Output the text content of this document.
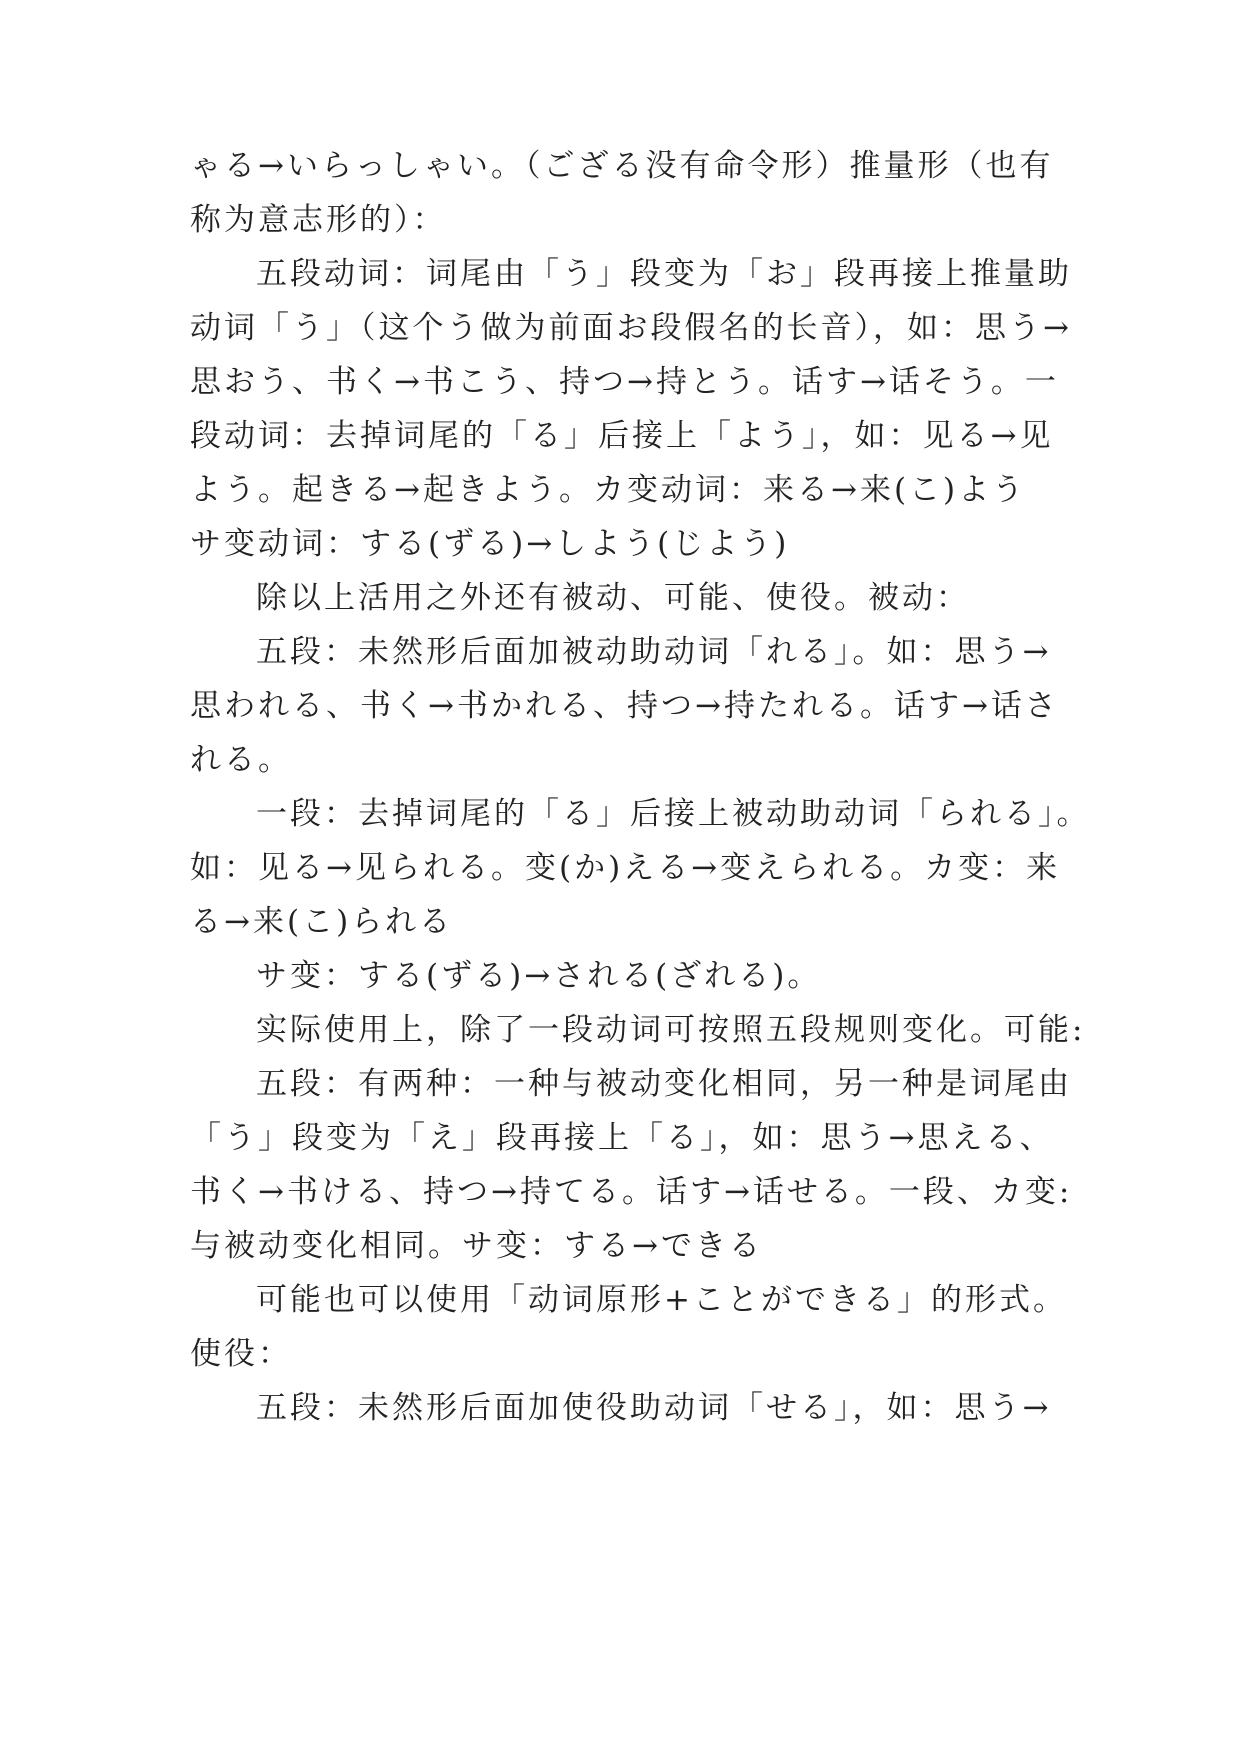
ゃる→いらっしゃい。（ござる没有命令形）推量形（也有
称为意志形的）：
五段动词：词尾由「う」段变为「お」段再接上推量助
动词「う」（这个う做为前面お段假名的长音），如：思う→
思おう、书く→书こう、持つ→持とう。话す→话そう。一
段动词：去掉词尾的「る」后接上「よう」，如：见る→见
よう。起きる→起きよう。カ变动词：来る→来(こ)よう
サ变动词：する(ずる)→しよう(じよう)
除以上活用之外还有被动、可能、使役。被动：
五段：未然形后面加被动助动词「れる」。如：思う→
思われる、书く→书かれる、持つ→持たれる。话す→话さ
れる。
一段：去掉词尾的「る」后接上被动助动词「られる」。
如：见る→见られる。变(か)える→变えられる。カ变：来
る→来(こ)られる
サ变：する(ずる)→される(ざれる)。
实际使用上，除了一段动词可按照五段规则变化。可能:
五段：有两种：一种与被动变化相同，另一种是词尾由
「う」段变为「え」段再接上「る」，如：思う→思える、
书く→书ける、持つ→持てる。话す→话せる。一段、カ变:
与被动变化相同。サ变：する→できる
可能也可以使用「动词原形+ことができる」的形式。
使役：
五段：未然形后面加使役助动词「せる」，如：思う→
